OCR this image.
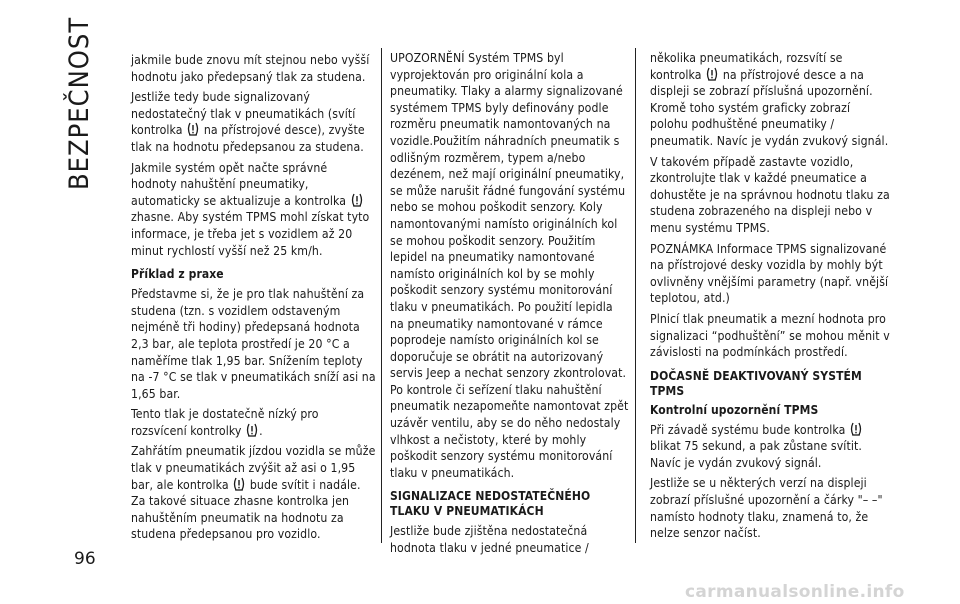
BEZPEČNOST
96

jakmile bude znovu mít stejnou nebo vyšší hodnotu jako předepsaný tlak za studena.

Jestliže tedy bude signalizovaný nedostatečný tlak v pneumatikách (svítí kontrolka na přístrojové desce), zvyšte tlak na hodnotu předepsanou za studena.

Jakmile systém opět načte správné hodnoty nahuštění pneumatiky, automaticky se aktualizuje a kontrolka  zhasne. Aby systém TPMS mohl získat tyto informace, je třeba jet s vozidlem až 20 minut rychlostí vyšší než 25 km/h.

Příklad z praxe

Představme si, že je pro tlak nahuštění za studena (tzn. s vozidlem odstaveným nejméně tři hodiny) předepsaná hodnota 2,3 bar, ale teplota prostředí je 20 °C a naměříme tlak 1,95 bar. Snížením teploty na -7 °C se tlak v pneumatikách sníží asi na 1,65 bar.

Tento tlak je dostatečně nízký pro rozsvícení kontrolky .

Zahřátím pneumatik jízdou vozidla se může tlak v pneumatikách zvýšit až asi o 1,95 bar, ale kontrolka bude svítit i nadále. Za takové situace zhasne kontrolka jen nahuštěním pneumatik na hodnotu za studena předepsanou pro vozidlo.

UPOZORNĚNÍ Systém TPMS byl vyprojektován pro originální kola a pneumatiky. Tlaky a alarmy signalizované systémem TPMS byly definovány podle rozměru pneumatik namontovaných na vozidle.Použitím náhradních pneumatik s odlišným rozměrem, typem a/nebo dezénem, než mají originální pneumatiky, se může narušit řádné fungování systému nebo se mohou poškodit senzory. Koly namontovanými namísto originálních kol se mohou poškodit senzory. Použitím lepidel na pneumatiky namontované namísto originálních kol by se mohly poškodit senzory systému monitorování tlaku v pneumatikách. Po použití lepidla na pneumatiky namontované v rámce poprodeje namísto originálních kol se doporučuje se obrátit na autorizovaný servis Jeep a nechat senzory zkontrolovat. Po kontrole či seřízení tlaku nahuštění pneumatik nezapomeňte namontovat zpět uzávěr ventilu, aby se do něho nedostaly vlhkost a nečistoty, které by mohly poškodit senzory systému monitorování tlaku v pneumatikách.

SIGNALIZACE NEDOSTATEČNÉHO TLAKU V PNEUMATIKÁCH

Jestliže bude zjištěna nedostatečná hodnota tlaku v jedné pneumatice /

několika pneumatikách, rozsvítí se kontrolka na přístrojové desce a na displeji se zobrazí příslušná upozornění. Kromě toho systém graficky zobrazí polohu podhuštěné pneumatiky / pneumatik. Navíc je vydán zvukový signál.

V takovém případě zastavte vozidlo, zkontrolujte tlak v každé pneumatice a dohustěte je na správnou hodnotu tlaku za studena zobrazeného na displeji nebo v menu systému TPMS.

POZNÁMKA Informace TPMS signalizované na přístrojové desky vozidla by mohly být ovlivněny vnějšími parametry (např. vnější teplotou, atd.)

Plnicí tlak pneumatik a mezní hodnota pro signalizaci “podhuštění” se mohou měnit v závislosti na podmínkách prostředí.

DOČASNĚ DEAKTIVOVANÝ SYSTÉM TPMS
Kontrolní upozornění TPMS

Při závadě systému bude kontrolka  blikat 75 sekund, a pak zůstane svítit. Navíc je vydán zvukový signál.

Jestliže se u některých verzí na displeji zobrazí příslušné upozornění a čárky "– –" namísto hodnoty tlaku, znamená to, že nelze senzor načíst.

carmanualsonline.info
